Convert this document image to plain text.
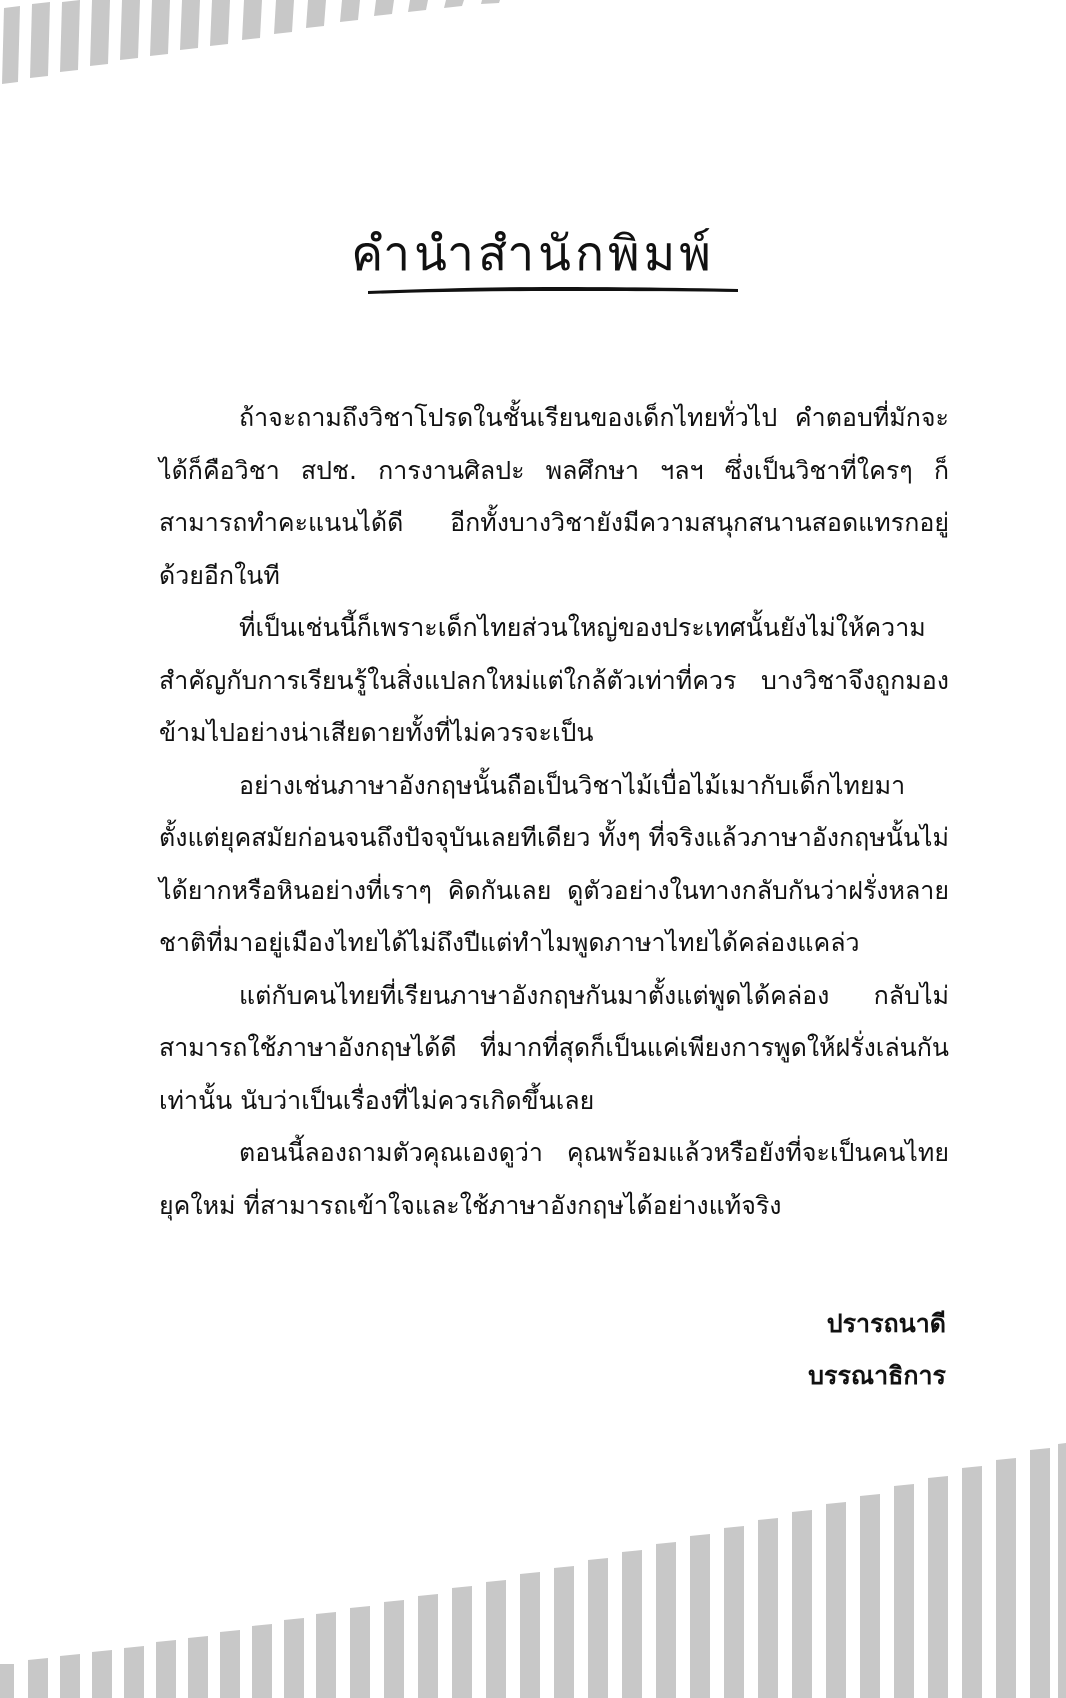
คำนำสำนักพิมพ์

ถ้าจะถามถึงวิชาโปรดในชั้นเรียนของเด็กไทยทั่วไป คำตอบที่มักจะได้ก็คือวิชา สปช. การงานศิลปะ พลศึกษา ฯลฯ ซึ่งเป็นวิชาที่ใครๆ ก็สามารถทำคะแนนได้ดี อีกทั้งบางวิชายังมีความสนุกสนานสอดแทรกอยู่ด้วยอีกในที

ที่เป็นเช่นนี้ก็เพราะเด็กไทยส่วนใหญ่ของประเทศนั้นยังไม่ให้ความสำคัญกับการเรียนรู้ในสิ่งแปลกใหม่แต่ใกล้ตัวเท่าที่ควร บางวิชาจึงถูกมองข้ามไปอย่างน่าเสียดายทั้งที่ไม่ควรจะเป็น

อย่างเช่นภาษาอังกฤษนั้นถือเป็นวิชาไม้เบื่อไม้เมากับเด็กไทยมาตั้งแต่ยุคสมัยก่อนจนถึงปัจจุบันเลยทีเดียว ทั้งๆ ที่จริงแล้วภาษาอังกฤษนั้นไม่ได้ยากหรือหินอย่างที่เราๆ คิดกันเลย ดูตัวอย่างในทางกลับกันว่าฝรั่งหลายชาติที่มาอยู่เมืองไทยได้ไม่ถึงปีแต่ทำไมพูดภาษาไทยได้คล่องแคล่ว

แต่กับคนไทยที่เรียนภาษาอังกฤษกันมาตั้งแต่พูดได้คล่อง กลับไม่สามารถใช้ภาษาอังกฤษได้ดี ที่มากที่สุดก็เป็นแค่เพียงการพูดให้ฝรั่งเล่นกันเท่านั้น นับว่าเป็นเรื่องที่ไม่ควรเกิดขึ้นเลย

ตอนนี้ลองถามตัวคุณเองดูว่า คุณพร้อมแล้วหรือยังที่จะเป็นคนไทยยุคใหม่ ที่สามารถเข้าใจและใช้ภาษาอังกฤษได้อย่างแท้จริง

ปรารถนาดี
บรรณาธิการ
